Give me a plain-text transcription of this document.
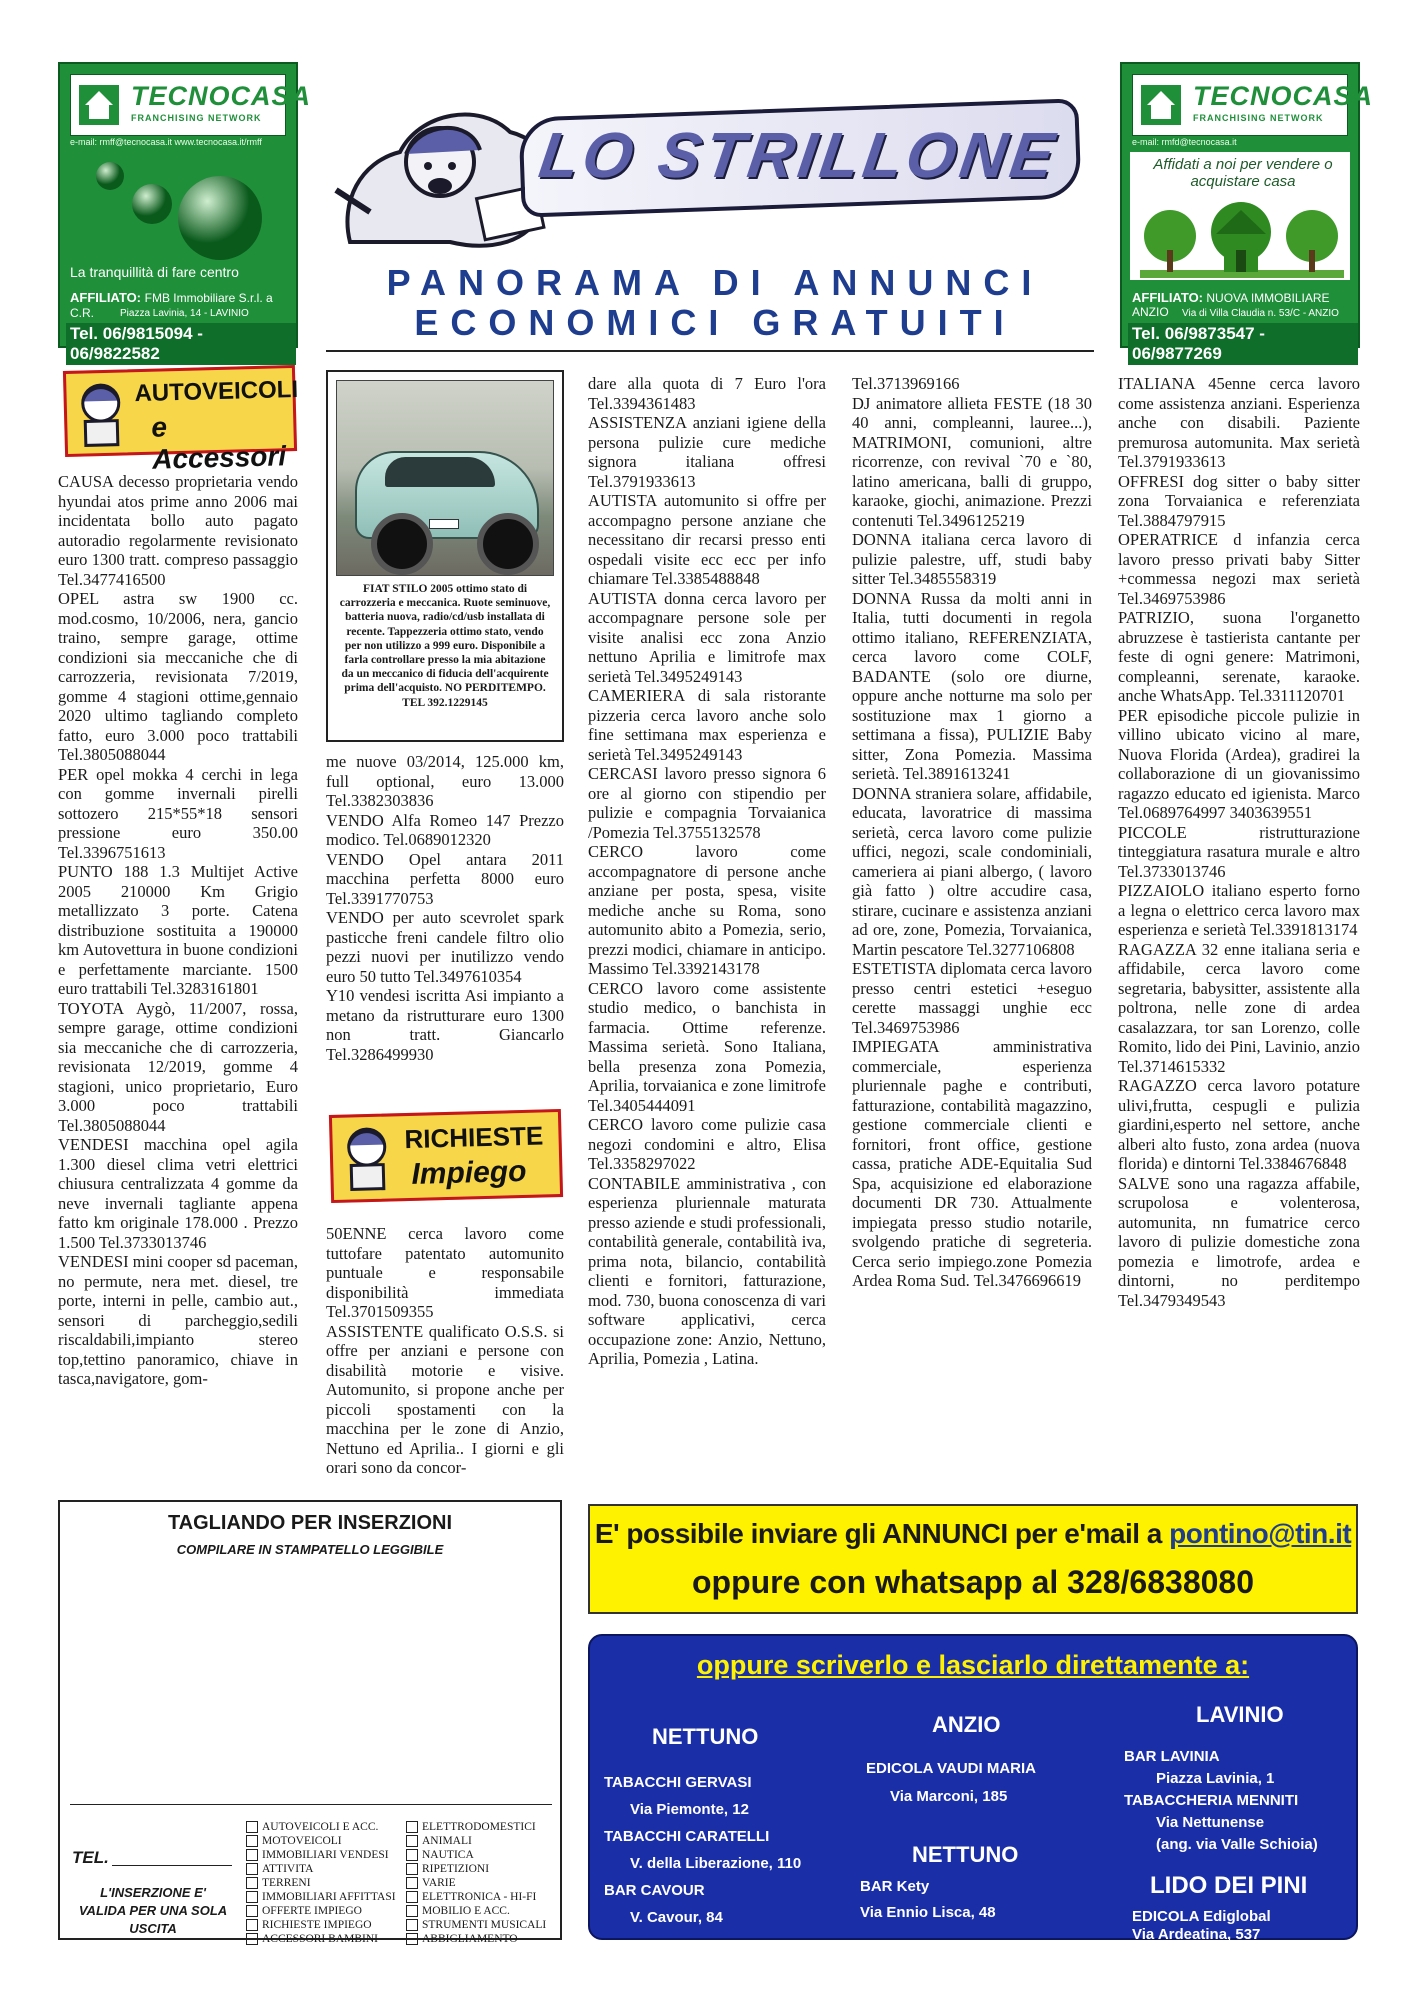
TECNOCASA
FRANCHISING NETWORK
e-mail: rmff@tecnocasa.it www.tecnocasa.it/rmff
La tranquillità di fare centro
AFFILIATO: FMB Immobiliare S.r.l. a C.R.	Piazza Lavinia, 14 - LAVINIO
Tel. 06/9815094 - 06/9822582
TECNOCASA
FRANCHISING NETWORK
e-mail: rmfd@tecnocasa.it
Affidati a noi per vendere o acquistare casa
AFFILIATO: NUOVA IMMOBILIARE ANZIO	Via di Villa Claudia n. 53/C - ANZIO
Tel. 06/9873547 - 06/9877269
LO STRILLONE
PANORAMA DI ANNUNCI
ECONOMICI GRATUITI
AUTOVEICOLI
e Accessori

CAUSA decesso proprietaria vendo hyundai atos prime anno 2006 mai incidentata bollo auto pagato autoradio regolarmente revisionato euro 1300 tratt. compreso passaggio Tel.3477416500

OPEL astra sw 1900 cc. mod.cosmo, 10/2006, nera, gancio traino, sempre garage, ottime condizioni sia meccaniche che di carrozzeria, revisionata 7/2019, gomme 4 stagioni ottime,gennaio 2020 ultimo tagliando completo fatto, euro 3.000 poco trattabili Tel.3805088044

PER opel mokka 4 cerchi in lega con gomme invernali pirelli sottozero 215*55*18 sensori pressione euro 350.00 Tel.3396751613

PUNTO 188 1.3 Multijet Active 2005 210000 Km Grigio metallizzato 3 porte. Catena distribuzione sostituita a 190000 km Autovettura in buone condizioni e perfettamente marciante. 1500 euro trattabili Tel.3283161801

TOYOTA Aygò, 11/2007, rossa, sempre garage, ottime condizioni sia meccaniche che di carrozzeria, revisionata 12/2019, gomme 4 stagioni, unico proprietario, Euro 3.000 poco trattabili Tel.3805088044

VENDESI macchina opel agila 1.300 diesel clima vetri elettrici chiusura centralizzata 4 gomme da neve invernali tagliante appena fatto km originale 178.000 . Prezzo 1.500 Tel.3733013746

VENDESI mini cooper sd paceman, no permute, nera met. diesel, tre porte, interni in pelle, cambio aut., sensori di parcheggio,sedili riscaldabili,impianto stereo top,tettino panoramico, chiave in tasca,navigatore, gom-

FIAT STILO 2005 ottimo stato di carrozzeria e meccanica. Ruote seminuove, batteria nuova, radio/cd/usb installata di recente. Tappezzeria ottimo stato, vendo per non utilizzo a 999 euro. Disponibile a farla controllare presso la mia abitazione da un meccanico di fiducia dell'acquirente prima dell'acquisto. NO PERDITEMPO. TEL 392.1229145

me nuove 03/2014, 125.000 km, full optional, euro 13.000 Tel.3382303836

VENDO Alfa Romeo 147 Prezzo modico. Tel.0689012320

VENDO Opel antara 2011 macchina perfetta 8000 euro Tel.3391770753

VENDO per auto scevrolet spark pasticche freni candele filtro olio pezzi nuovi per inutilizzo vendo euro 50 tutto Tel.3497610354

Y10 vendesi iscritta Asi impianto a metano da ristrutturare euro 1300 non tratt. Giancarlo Tel.3286499930

RICHIESTE
Impiego

50ENNE cerca lavoro come tuttofare patentato automunito puntuale e responsabile disponibilità immediata Tel.3701509355

ASSISTENTE qualificato O.S.S. si offre per anziani e persone con disabilità motorie e visive. Automunito, si propone anche per piccoli spostamenti con la macchina per le zone di Anzio, Nettuno ed Aprilia.. I giorni e gli orari sono da concor-

dare alla quota di 7 Euro l'ora Tel.3394361483

ASSISTENZA anziani igiene della persona pulizie cure mediche signora italiana offresi Tel.3791933613

AUTISTA automunito si offre per accompagno persone anziane che necessitano dir recarsi presso enti ospedali visite ecc ecc per info chiamare Tel.3385488848

AUTISTA donna cerca lavoro per accompagnare persone sole per visite analisi ecc zona Anzio nettuno Aprilia e limitrofe max serietà Tel.3495249143

CAMERIERA di sala ristorante pizzeria cerca lavoro anche solo fine settimana max esperienza e serietà Tel.3495249143

CERCASI lavoro presso signora 6 ore al giorno con stipendio per pulizie e compagnia Torvaianica /Pomezia Tel.3755132578

CERCO lavoro come accompagnatore di persone anche anziane per posta, spesa, visite mediche anche su Roma, sono automunito abito a Pomezia, serio, prezzi modici, chiamare in anticipo. Massimo Tel.3392143178

CERCO lavoro come assistente studio medico, o banchista in farmacia. Ottime referenze. Massima serietà. Sono Italiana, bella presenza zona Pomezia, Aprilia, torvaianica e zone limitrofe Tel.3405444091

CERCO lavoro come pulizie casa negozi condomini e altro, Elisa Tel.3358297022

CONTABILE amministrativa , con esperienza pluriennale maturata presso aziende e studi professionali, contabilità generale, contabilità iva, prima nota, bilancio, contabilità clienti e fornitori, fatturazione, mod. 730, buona conoscenza di vari software applicativi, cerca occupazione zone: Anzio, Nettuno, Aprilia, Pomezia , Latina.

Tel.3713969166

DJ animatore allieta FESTE (18 30 40 anni, compleanni, lauree...), MATRIMONI, comunioni, altre ricorrenze, con revival `70 e `80, latino americana, balli di gruppo, karaoke, giochi, animazione. Prezzi contenuti Tel.3496125219

DONNA italiana cerca lavoro di pulizie palestre, uff, studi baby sitter Tel.3485558319

DONNA Russa da molti anni in Italia, tutti documenti in regola ottimo italiano, REFERENZIATA, cerca lavoro come COLF, BADANTE (solo ore diurne, oppure anche notturne ma solo per sostituzione max 1 giorno a settimana a fissa), PULIZIE Baby sitter, Zona Pomezia. Massima serietà. Tel.3891613241

DONNA straniera solare, affidabile, educata, lavoratrice di massima serietà, cerca lavoro come pulizie uffici, negozi, scale condominiali, cameriera ai piani albergo, ( lavoro già fatto ) oltre accudire casa, stirare, cucinare e assistenza anziani ad ore, zone, Pomezia, Torvaianica, Martin pescatore Tel.3277106808

ESTETISTA diplomata cerca lavoro presso centri estetici +eseguo cerette massaggi unghie ecc Tel.3469753986

IMPIEGATA amministrativa commerciale, esperienza pluriennale paghe e contributi, fatturazione, contabilità magazzino, gestione commerciale clienti e fornitori, front office, gestione cassa, pratiche ADE-Equitalia Sud Spa, acquisizione ed elaborazione documenti DR 730. Attualmente impiegata presso studio notarile, svolgendo pratiche di segreteria. Cerca serio impiego.zone Pomezia Ardea Roma Sud. Tel.3476696619

ITALIANA 45enne cerca lavoro come assistenza anziani. Esperienza anche con disabili. Paziente premurosa automunita. Max serietà Tel.3791933613

OFFRESI dog sitter o baby sitter zona Torvaianica e referenziata Tel.3884797915

OPERATRICE d infanzia cerca lavoro presso privati baby Sitter +commessa negozi max serietà Tel.3469753986

PATRIZIO, suona l'organetto abruzzese è tastierista cantante per feste di ogni genere: Matrimoni, compleanni, serenate, karaoke. anche WhatsApp. Tel.3311120701

PER episodiche piccole pulizie in villino ubicato vicino al mare, Nuova Florida (Ardea), gradirei la collaborazione di un giovanissimo ragazzo educato ed igienista. Marco Tel.0689764997 3403639551

PICCOLE ristrutturazione tinteggiatura rasatura murale e altro Tel.3733013746

PIZZAIOLO italiano esperto forno a legna o elettrico cerca lavoro max esperienza e serietà Tel.3391813174

RAGAZZA 32 enne italiana seria e affidabile, cerca lavoro come segretaria, babysitter, assistente alla poltrona, nelle zone di ardea casalazzara, tor san Lorenzo, colle Romito, lido dei Pini, Lavinio, anzio Tel.3714615332

RAGAZZO cerca lavoro potature ulivi,frutta, cespugli e pulizia giardini,esperto nel settore, anche alberi alto fusto, zona ardea (nuova florida) e dintorni Tel.3384676848

SALVE sono una ragazza affabile, scrupolosa e volenterosa, automunita, nn fumatrice cerco lavoro di pulizie domestiche zona pomezia e limotrofe, ardea e dintorni, no perditempo Tel.3479349543

TAGLIANDO PER INSERZIONI
COMPILARE IN STAMPATELLO LEGGIBILE
TEL.
L'INSERZIONE E' VALIDA PER UNA SOLA USCITA
AUTOVEICOLI E ACC.
MOTOVEICOLI
IMMOBILIARI VENDESI
ATTIVITA
TERRENI
IMMOBILIARI AFFITTASI
OFFERTE IMPIEGO
RICHIESTE IMPIEGO
ACCESSORI BAMBINI
ELETTRODOMESTICI
ANIMALI
NAUTICA
RIPETIZIONI
VARIE
ELETTRONICA - HI-FI
MOBILIO E ACC.
STRUMENTI MUSICALI
ABBIGLIAMENTO
E' possibile inviare gli ANNUNCI per e'mail a pontino@tin.it
oppure con whatsapp al 328/6838080
oppure scriverlo e lasciarlo direttamente a:
NETTUNO
TABACCHI GERVASI
Via Piemonte, 12
TABACCHI CARATELLI
V. della Liberazione, 110
BAR CAVOUR
V. Cavour, 84
ANZIO
EDICOLA VAUDI MARIA
Via Marconi, 185
NETTUNO
BAR Kety
Via Ennio Lisca, 48
LAVINIO
BAR LAVINIA
Piazza Lavinia, 1
TABACCHERIA MENNITI
Via Nettunense
(ang. via Valle Schioia)
LIDO DEI PINI
EDICOLA Ediglobal
Via Ardeatina, 537
